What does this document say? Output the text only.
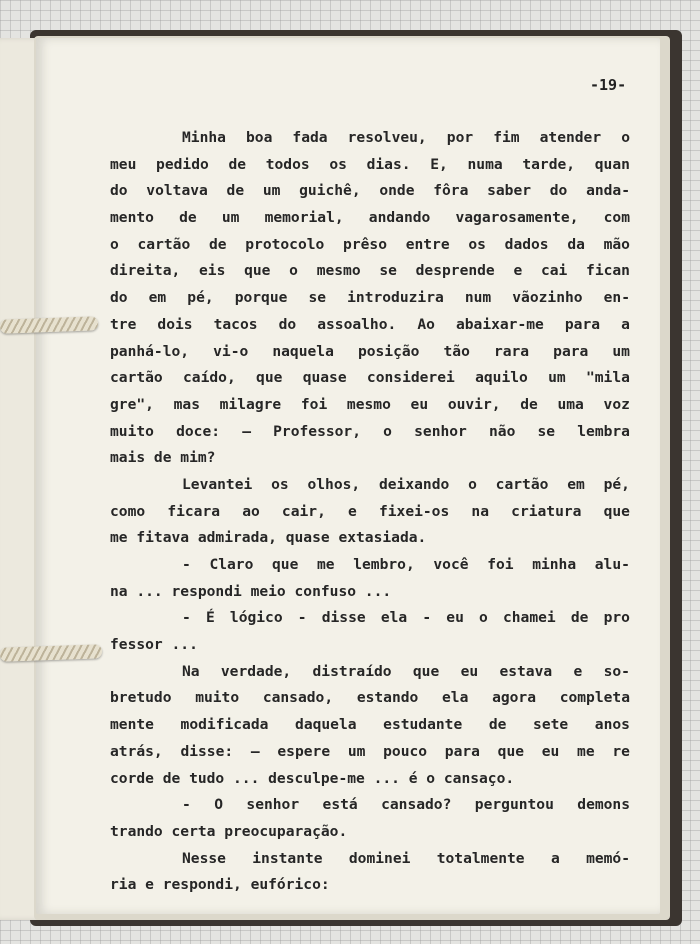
-19-
Minha boa fada resolveu, por fim atender o
meu pedido de todos os dias. E, numa tarde, quan
do voltava de um guichê, onde fôra saber do anda-
mento de um memorial, andando vagarosamente, com
o cartão de protocolo prêso entre os dados da mão
direita, eis que o mesmo se desprende e cai fican
do em pé, porque se introduzira num vãozinho en-
tre dois tacos do assoalho. Ao abaixar-me para a
panhá-lo, vi-o naquela posição tão rara para um
cartão caído, que quase considerei aquilo um "mila
gre", mas milagre foi mesmo eu ouvir, de uma voz
muito doce: — Professor, o senhor não se lembra
mais de mim?
Levantei os olhos, deixando o cartão em pé,
como ficara ao cair, e fixei-os na criatura que
me fitava admirada, quase extasiada.
- Claro que me lembro, você foi minha alu-
na ... respondi meio confuso ...
- É lógico - disse ela - eu o chamei de pro
fessor ...
Na verdade, distraído que eu estava e so-
bretudo muito cansado, estando ela agora completa
mente modificada daquela estudante de sete anos
atrás, disse: — espere um pouco para que eu me re
corde de tudo ... desculpe-me ... é o cansaço.
- O senhor está cansado? perguntou demons
trando certa preocuparação.
Nesse instante dominei totalmente a memó-
ria e respondi, eufórico:
